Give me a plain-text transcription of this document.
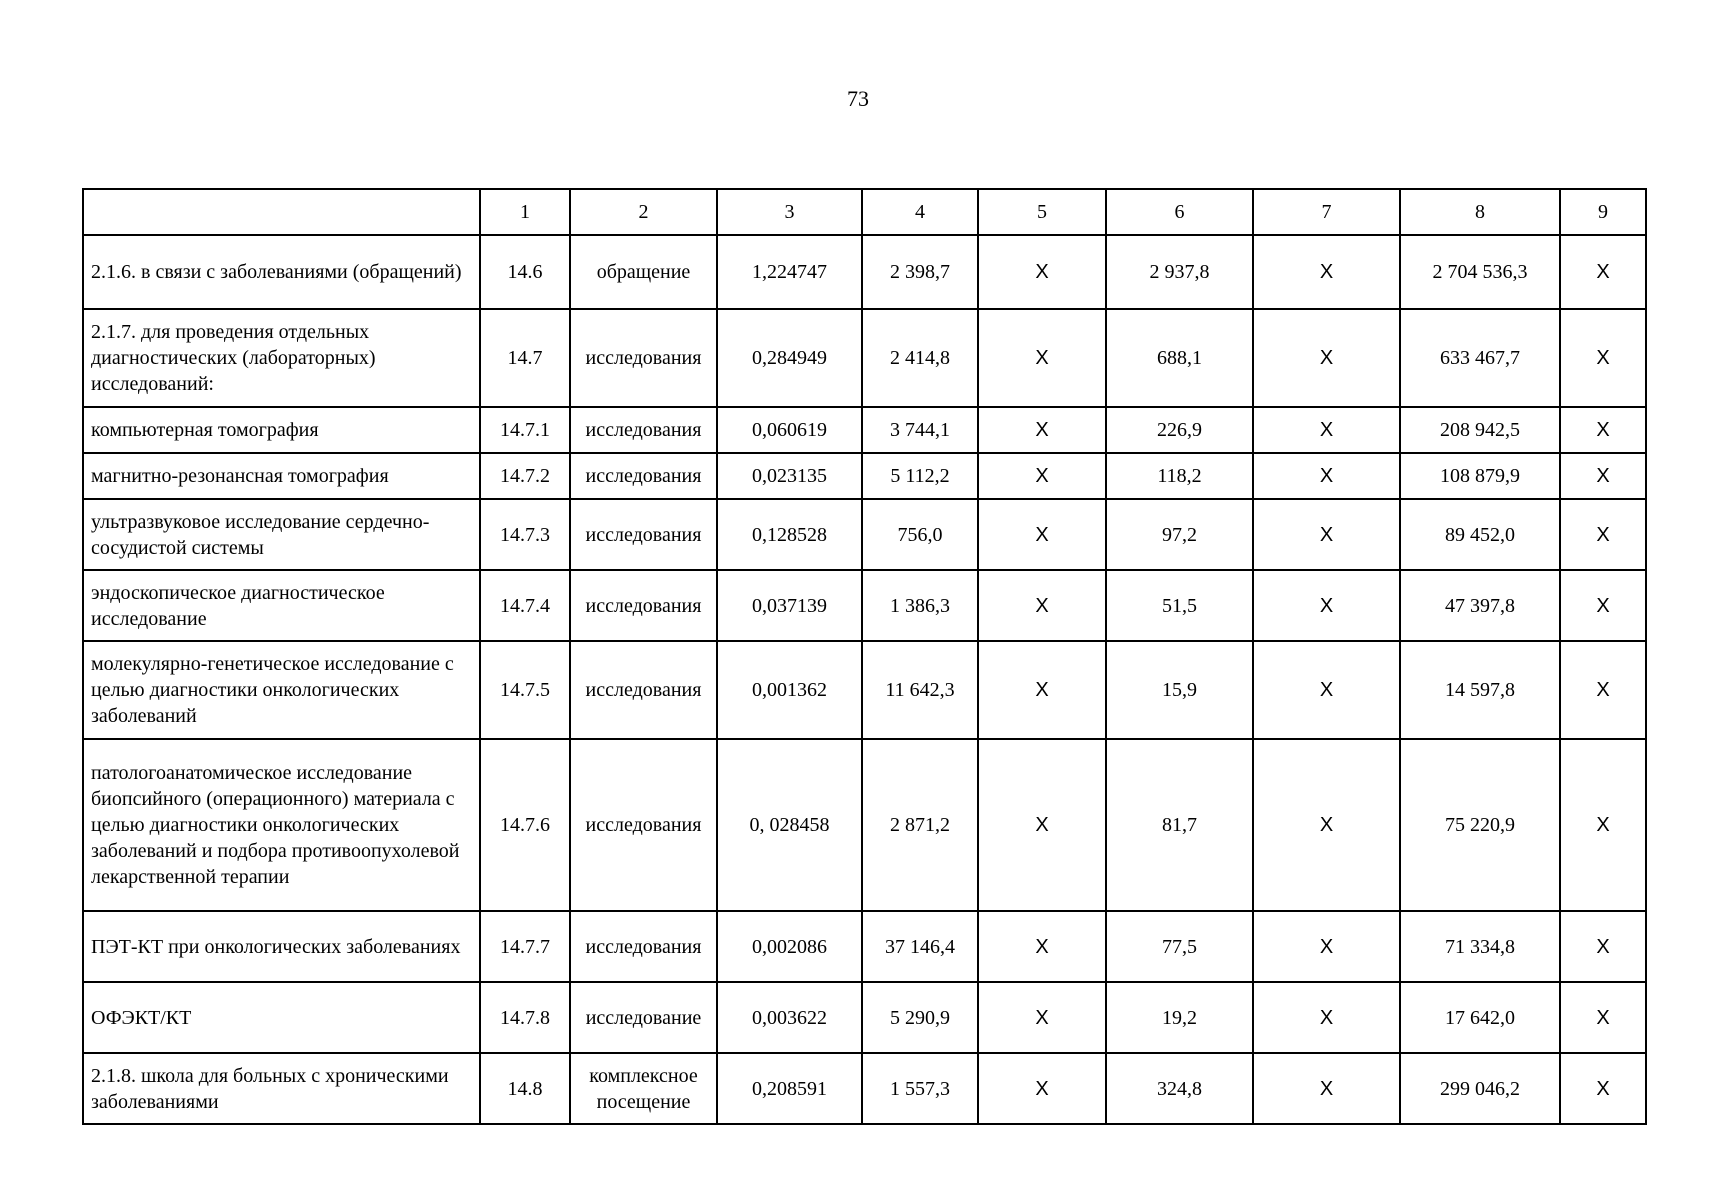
73
	1	2	3	4	5	6	7	8	9
2.1.6. в связи с заболеваниями (обращений)	14.6	обращение	1,224747	2 398,7	X	2 937,8	X	2 704 536,3	X
2.1.7. для проведения отдельных диагностических (лабораторных) исследований:	14.7	исследования	0,284949	2 414,8	X	688,1	X	633 467,7	X
компьютерная томография	14.7.1	исследования	0,060619	3 744,1	X	226,9	X	208 942,5	X
магнитно-резонансная томография	14.7.2	исследования	0,023135	5 112,2	X	118,2	X	108 879,9	X
ультразвуковое исследование сердечно-сосудистой системы	14.7.3	исследования	0,128528	756,0	X	97,2	X	89 452,0	X
эндоскопическое диагностическое исследование	14.7.4	исследования	0,037139	1 386,3	X	51,5	X	47 397,8	X
молекулярно-генетическое исследование с целью диагностики онкологических заболеваний	14.7.5	исследования	0,001362	11 642,3	X	15,9	X	14 597,8	X
патологоанатомическое исследование биопсийного (операционного) материала с целью диагностики онкологических заболеваний и подбора противоопухолевой лекарственной терапии	14.7.6	исследования	0, 028458	2 871,2	X	81,7	X	75 220,9	X
ПЭТ-КТ при онкологических заболеваниях	14.7.7	исследования	0,002086	37 146,4	X	77,5	X	71 334,8	X
ОФЭКТ/КТ	14.7.8	исследование	0,003622	5 290,9	X	19,2	X	17 642,0	X
2.1.8. школа для больных с хроническими заболеваниями	14.8	комплексное посещение	0,208591	1 557,3	X	324,8	X	299 046,2	X
